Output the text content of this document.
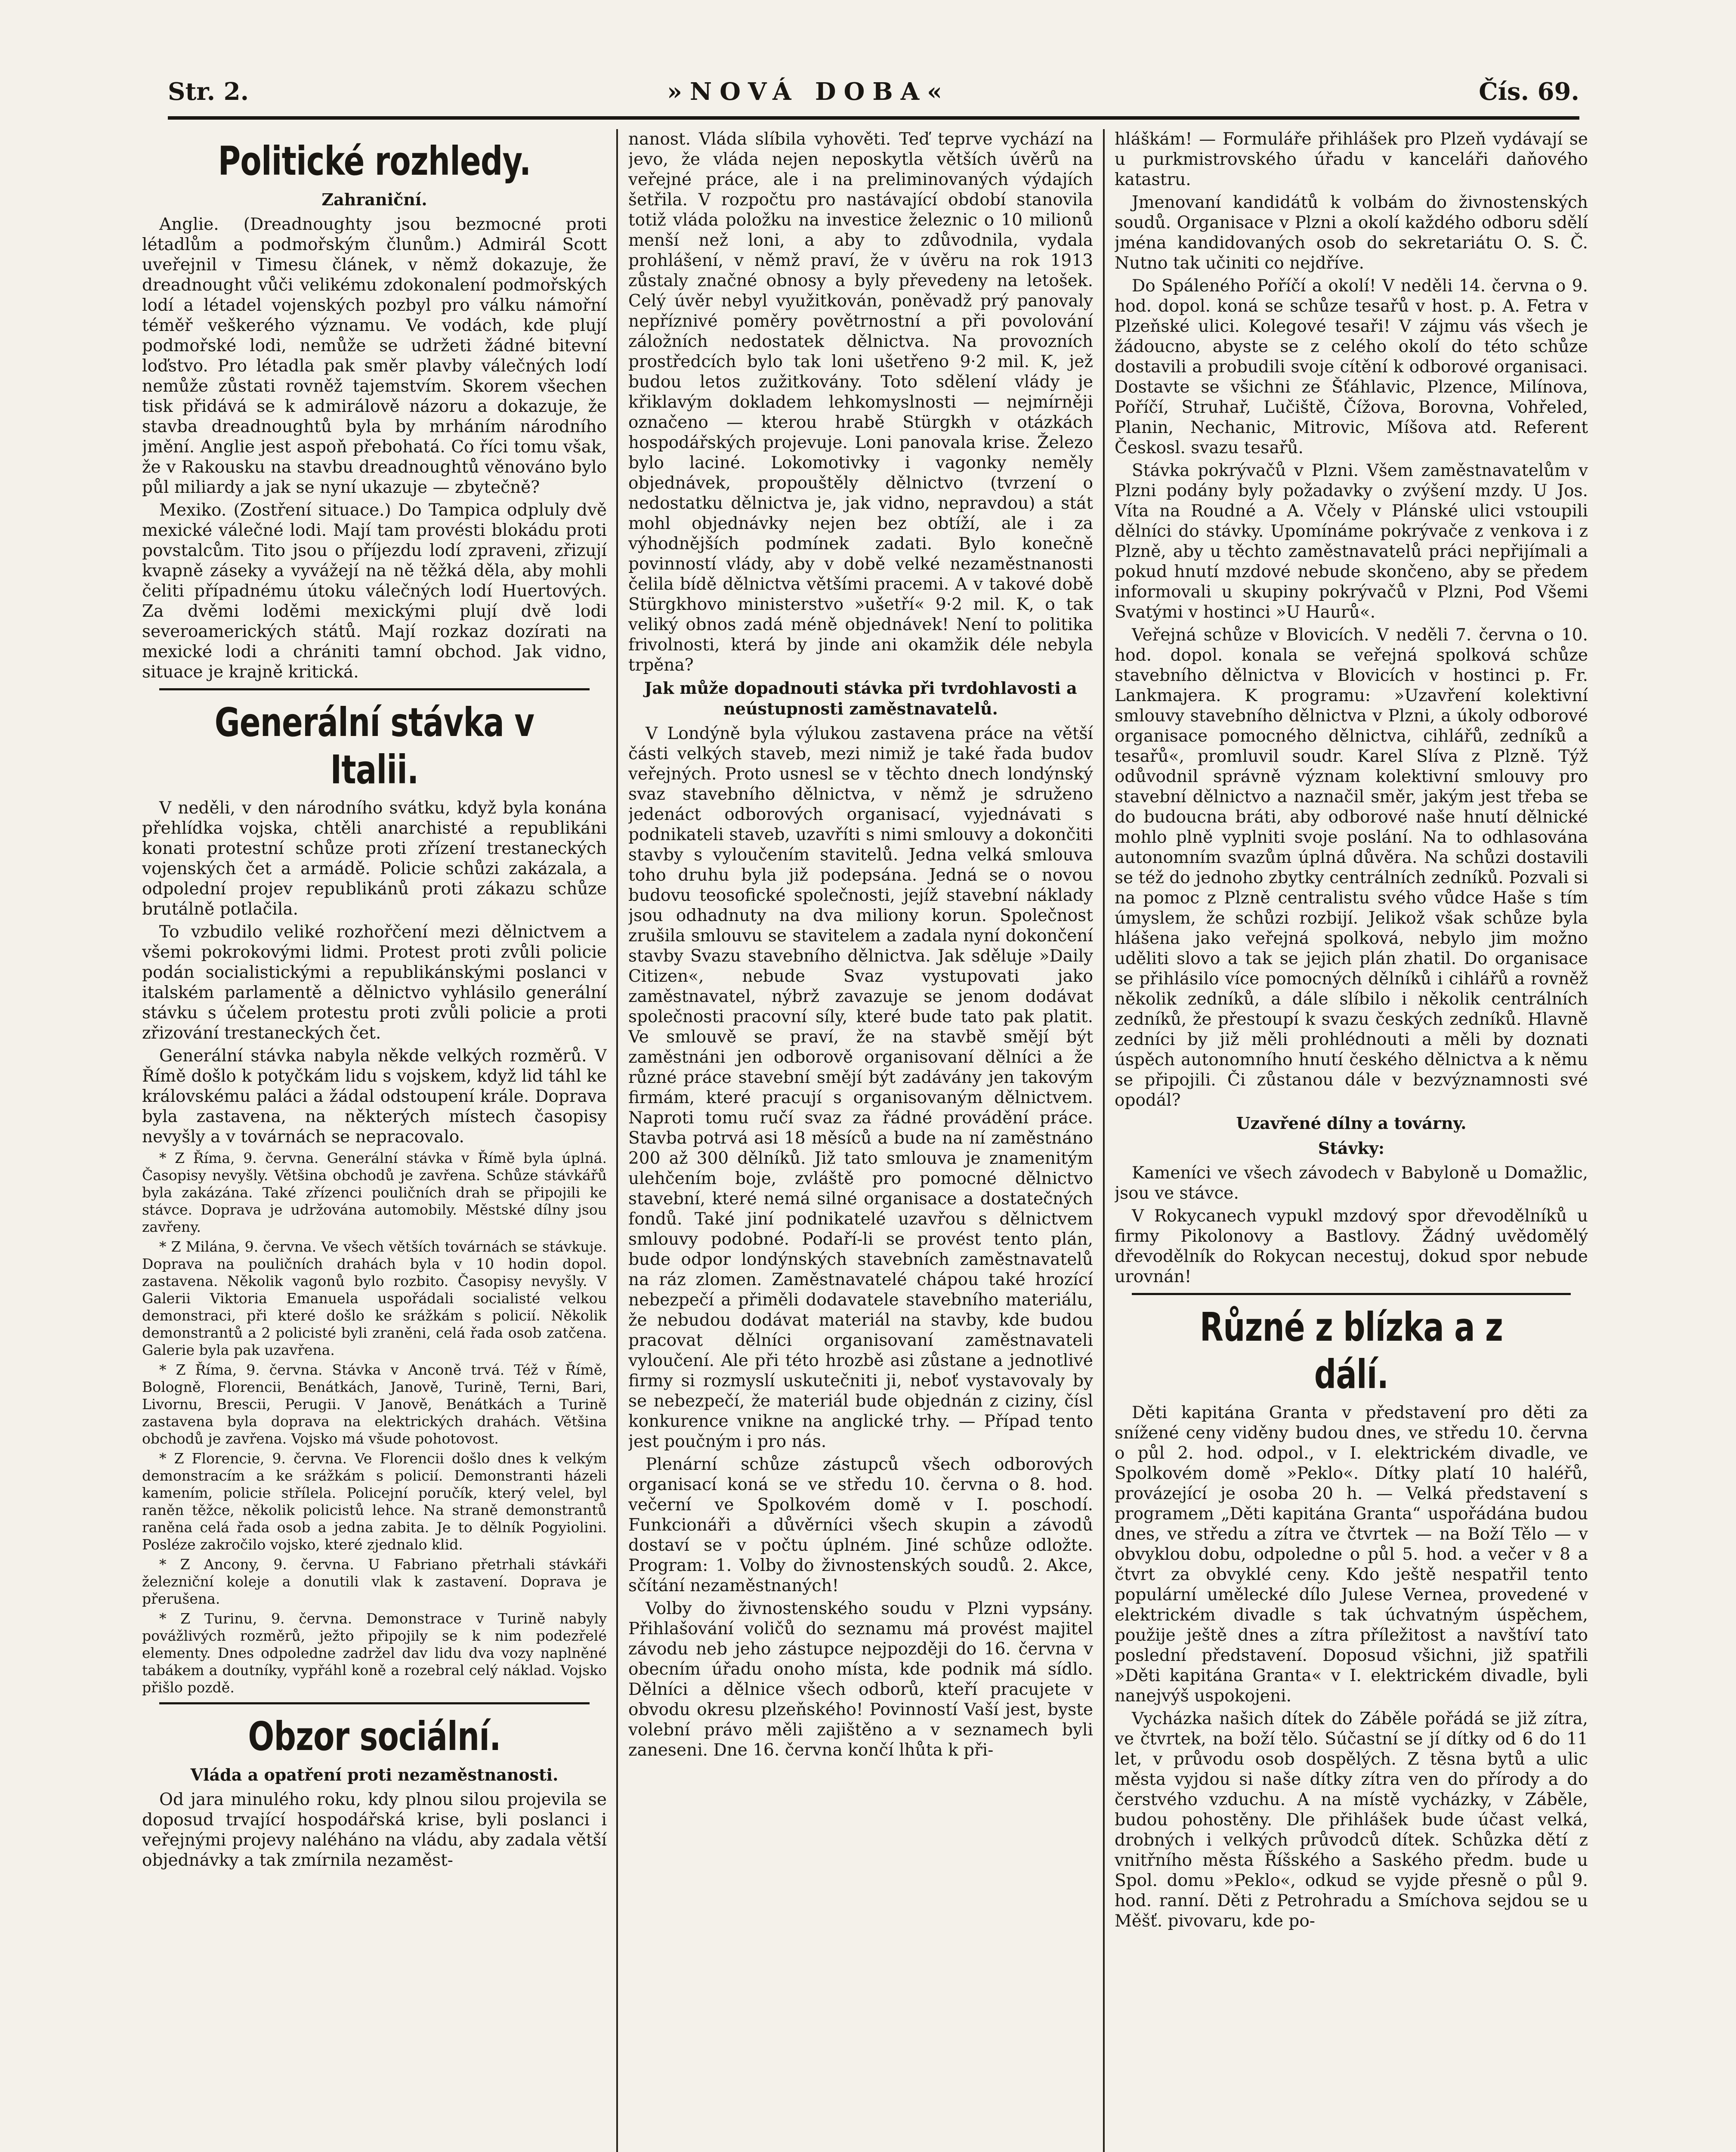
Str. 2.	»NOVÁ DOBA«	Čís. 69.
Politické rozhledy.
Zahraniční.

Anglie. (Dreadnoughty jsou bezmocné proti létadlům a podmořským člunům.) Admirál Scott uveřejnil v Timesu článek, v němž dokazuje, že dreadnought vůči velikému zdokonalení podmořských lodí a létadel vojenských pozbyl pro válku námořní téměř veškerého významu. Ve vodách, kde plují podmořské lodi, nemůže se udržeti žádné bitevní loďstvo. Pro létadla pak směr plavby válečných lodí nemůže zůstati rovněž tajemstvím. Skorem všechen tisk přidává se k admirálově názoru a dokazuje, že stavba dreadnoughtů byla by mrháním národního jmění. Anglie jest aspoň přebohatá. Co říci tomu však, že v Rakousku na stavbu dreadnoughtů věnováno bylo půl miliardy a jak se nyní ukazuje — zbytečně?

Mexiko. (Zostření situace.) Do Tampica odpluly dvě mexické válečné lodi. Mají tam provésti blokádu proti povstalcům. Tito jsou o příjezdu lodí zpraveni, zřizují kvapně záseky a vyvážejí na ně těžká děla, aby mohli čeliti případnému útoku válečných lodí Huertových. Za dvěmi loděmi mexickými plují dvě lodi severoamerických států. Mají rozkaz dozírati na mexické lodi a chrániti tamní obchod. Jak vidno, situace je krajně kritická.

Generální stávka v Italii.

V neděli, v den národního svátku, když byla konána přehlídka vojska, chtěli anarchisté a republikáni konati protestní schůze proti zřízení trestaneckých vojenských čet a armádě. Policie schůzi zakázala, a odpolední projev republikánů proti zákazu schůze brutálně potlačila.

To vzbudilo veliké rozhořčení mezi dělnictvem a všemi pokrokovými lidmi. Protest proti zvůli policie podán socialistickými a republikánskými poslanci v italském parlamentě a dělnictvo vyhlásilo generální stávku s účelem protestu proti zvůli policie a proti zřizování trestaneckých čet.

Generální stávka nabyla někde velkých rozměrů. V Římě došlo k potyčkám lidu s vojskem, když lid táhl ke královskému paláci a žádal odstoupení krále. Doprava byla zastavena, na některých místech časopisy nevyšly a v továrnách se nepracovalo.

* Z Říma, 9. června. Generální stávka v Římě byla úplná. Časopisy nevyšly. Většina obchodů je zavřena. Schůze stávkářů byla zakázána. Také zřízenci pouličních drah se připojili ke stávce. Doprava je udržována automobily. Městské dílny jsou zavřeny.

* Z Milána, 9. června. Ve všech větších továrnách se stávkuje. Doprava na pouličních drahách byla v 10 hodin dopol. zastavena. Několik vagonů bylo rozbito. Časopisy nevyšly. V Galerii Viktoria Emanuela uspořádali socialisté velkou demonstraci, při které došlo ke srážkám s policií. Několik demonstrantů a 2 policisté byli zraněni, celá řada osob zatčena. Galerie byla pak uzavřena.

* Z Říma, 9. června. Stávka v Anconě trvá. Též v Římě, Bologně, Florencii, Benátkách, Janově, Turině, Terni, Bari, Livornu, Brescii, Perugii. V Janově, Benátkách a Turině zastavena byla doprava na elektrických drahách. Většina obchodů je zavřena. Vojsko má všude pohotovost.

* Z Florencie, 9. června. Ve Florencii došlo dnes k velkým demonstracím a ke srážkám s policií. Demonstranti házeli kamením, policie střílela. Policejní poručík, který velel, byl raněn těžce, několik policistů lehce. Na straně demonstrantů raněna celá řada osob a jedna zabita. Je to dělník Pogyiolini. Posléze zakročilo vojsko, které zjednalo klid.

* Z Ancony, 9. června. U Fabriano přetrhali stávkáři železniční koleje a donutili vlak k zastavení. Doprava je přerušena.

* Z Turinu, 9. června. Demonstrace v Turině nabyly povážlivých rozměrů, ježto připojily se k nim podezřelé elementy. Dnes odpoledne zadržel dav lidu dva vozy naplněné tabákem a doutníky, vypřáhl koně a rozebral celý náklad. Vojsko přišlo pozdě.

Obzor sociální.
Vláda a opatření proti nezaměstnanosti.

Od jara minulého roku, kdy plnou silou projevila se doposud trvající hospodářská krise, byli poslanci i veřejnými projevy naléháno na vládu, aby zadala větší objednávky a tak zmírnila nezaměst-

nanost. Vláda slíbila vyhověti. Teď teprve vychází na jevo, že vláda nejen neposkytla větších úvěrů na veřejné práce, ale i na preliminovaných výdajích šetřila. V rozpočtu pro nastávající období stanovila totiž vláda položku na investice železnic o 10 milionů menší než loni, a aby to zdůvodnila, vydala prohlášení, v němž praví, že v úvěru na rok 1913 zůstaly značné obnosy a byly převedeny na letošek. Celý úvěr nebyl využitkován, poněvadž prý panovaly nepříznivé poměry povětrnostní a při povolování záložních nedostatek dělnictva. Na provozních prostředcích bylo tak loni ušetřeno 9·2 mil. K, jež budou letos zužitkovány. Toto sdělení vlády je křiklavým dokladem lehkomyslnosti — nejmírněji označeno — kterou hrabě Stürgkh v otázkách hospodářských projevuje. Loni panovala krise. Železo bylo laciné. Lokomotivky i vagonky neměly objednávek, propouštěly dělnictvo (tvrzení o nedostatku dělnictva je, jak vidno, nepravdou) a stát mohl objednávky nejen bez obtíží, ale i za výhodnějších podmínek zadati. Bylo konečně povinností vlády, aby v době velké nezaměstnanosti čelila bídě dělnictva většími pracemi. A v takové době Stürgkhovo ministerstvo »ušetří« 9·2 mil. K, o tak veliký obnos zadá méně objednávek! Není to politika frivolnosti, která by jinde ani okamžik déle nebyla trpěna?

Jak může dopadnouti stávka při tvrdohlavosti a neústupnosti zaměstnavatelů.

V Londýně byla výlukou zastavena práce na větší části velkých staveb, mezi nimiž je také řada budov veřejných. Proto usnesl se v těchto dnech londýnský svaz stavebního dělnictva, v němž je sdruženo jedenáct odborových organisací, vyjednávati s podnikateli staveb, uzavříti s nimi smlouvy a dokončiti stavby s vyloučením stavitelů. Jedna velká smlouva toho druhu byla již podepsána. Jedná se o novou budovu teosofické společnosti, jejíž stavební náklady jsou odhadnuty na dva miliony korun. Společnost zrušila smlouvu se stavitelem a zadala nyní dokončení stavby Svazu stavebního dělnictva. Jak sděluje »Daily Citizen«, nebude Svaz vystupovati jako zaměstnavatel, nýbrž zavazuje se jenom dodávat společnosti pracovní síly, které bude tato pak platit. Ve smlouvě se praví, že na stavbě smějí být zaměstnáni jen odborově organisovaní dělníci a že různé práce stavební smějí být zadávány jen takovým firmám, které pracují s organisovaným dělnictvem. Naproti tomu ručí svaz za řádné provádění práce. Stavba potrvá asi 18 měsíců a bude na ní zaměstnáno 200 až 300 dělníků. Již tato smlouva je znamenitým ulehčením boje, zvláště pro pomocné dělnictvo stavební, které nemá silné organisace a dostatečných fondů. Také jiní podnikatelé uzavřou s dělnictvem smlouvy podobné. Podaří-li se provést tento plán, bude odpor londýnských stavebních zaměstnavatelů na ráz zlomen. Zaměstnavatelé chápou také hrozící nebezpečí a přiměli dodavatele stavebního materiálu, že nebudou dodávat materiál na stavby, kde budou pracovat dělníci organisovaní zaměstnavateli vyloučení. Ale při této hrozbě asi zůstane a jednotlivé firmy si rozmyslí uskutečniti ji, neboť vystavovaly by se nebezpečí, že materiál bude objednán z ciziny, čísl konkurence vnikne na anglické trhy. — Případ tento jest poučným i pro nás.

Plenární schůze zástupců všech odborových organisací koná se ve středu 10. června o 8. hod. večerní ve Spolkovém domě v I. poschodí. Funkcionáři a důvěrníci všech skupin a závodů dostaví se v počtu úplném. Jiné schůze odložte. Program: 1. Volby do živnostenských soudů. 2. Akce, sčítání nezaměstnaných!

Volby do živnostenského soudu v Plzni vypsány. Přihlašování voličů do seznamu má provést majitel závodu neb jeho zástupce nejpozději do 16. června v obecním úřadu onoho místa, kde podnik má sídlo. Dělníci a dělnice všech odborů, kteří pracujete v obvodu okresu plzeňského! Povinností Vaší jest, byste volební právo měli zajištěno a v seznamech byli zaneseni. Dne 16. června končí lhůta k při-

hláškám! — Formuláře přihlášek pro Plzeň vydávají se u purkmistrovského úřadu v kanceláři daňového katastru.

Jmenovaní kandidátů k volbám do živnostenských soudů. Organisace v Plzni a okolí každého odboru sdělí jména kandidovaných osob do sekretariátu O. S. Č. Nutno tak učiniti co nejdříve.

Do Spáleného Poříčí a okolí! V neděli 14. června o 9. hod. dopol. koná se schůze tesařů v host. p. A. Fetra v Plzeňské ulici. Kolegové tesaři! V zájmu vás všech je žádoucno, abyste se z celého okolí do této schůze dostavili a probudili svoje cítění k odborové organisaci. Dostavte se všichni ze Šťáhlavic, Plzence, Milínova, Poříčí, Struhař, Lučiště, Čížova, Borovna, Vohřeled, Planin, Nechanic, Mitrovic, Míšova atd. Referent Českosl. svazu tesařů.

Stávka pokrývačů v Plzni. Všem zaměstnavatelům v Plzni podány byly požadavky o zvýšení mzdy. U Jos. Víta na Roudné a A. Včely v Plánské ulici vstoupili dělníci do stávky. Upomínáme pokrývače z venkova i z Plzně, aby u těchto zaměstnavatelů práci nepřijímali a pokud hnutí mzdové nebude skončeno, aby se předem informovali u skupiny pokrývačů v Plzni, Pod Všemi Svatými v hostinci »U Haurů«.

Veřejná schůze v Blovicích. V neděli 7. června o 10. hod. dopol. konala se veřejná spolková schůze stavebního dělnictva v Blovicích v hostinci p. Fr. Lankmajera. K programu: »Uzavření kolektivní smlouvy stavebního dělnictva v Plzni, a úkoly odborové organisace pomocného dělnictva, cihlářů, zedníků a tesařů«, promluvil soudr. Karel Slíva z Plzně. Týž odůvodnil správně význam kolektivní smlouvy pro stavební dělnictvo a naznačil směr, jakým jest třeba se do budoucna bráti, aby odborové naše hnutí dělnické mohlo plně vyplniti svoje poslání. Na to odhlasována autonomním svazům úplná důvěra. Na schůzi dostavili se též do jednoho zbytky centrálních zedníků. Pozvali si na pomoc z Plzně centralistu svého vůdce Haše s tím úmyslem, že schůzi rozbijí. Jelikož však schůze byla hlášena jako veřejná spolková, nebylo jim možno uděliti slovo a tak se jejich plán zhatil. Do organisace se přihlásilo více pomocných dělníků i cihlářů a rovněž několik zedníků, a dále slíbilo i několik centrálních zedníků, že přestoupí k svazu českých zedníků. Hlavně zedníci by již měli prohlédnouti a měli by doznati úspěch autonomního hnutí českého dělnictva a k němu se připojili. Či zůstanou dále v bezvýznamnosti své opodál?

Uzavřené dílny a továrny.
Stávky:

Kameníci ve všech závodech v Babyloně u Domažlic, jsou ve stávce.

V Rokycanech vypukl mzdový spor dřevodělníků u firmy Pikolonovy a Bastlovy. Žádný uvědomělý dřevodělník do Rokycan necestuj, dokud spor nebude urovnán!

Různé z blízka a z dálí.

Děti kapitána Granta v představení pro děti za snížené ceny viděny budou dnes, ve středu 10. června o půl 2. hod. odpol., v I. elektrickém divadle, ve Spolkovém domě »Peklo«. Dítky platí 10 haléřů, provázející je osoba 20 h. — Velká představení s programem „Děti kapitána Granta“ uspořádána budou dnes, ve středu a zítra ve čtvrtek — na Boží Tělo — v obvyklou dobu, odpoledne o půl 5. hod. a večer v 8 a čtvrt za obvyklé ceny. Kdo ještě nespatřil tento populární umělecké dílo Julese Vernea, provedené v elektrickém divadle s tak úchvatným úspěchem, použije ještě dnes a zítra příležitost a navštíví tato poslední představení. Doposud všichni, již spatřili »Děti kapitána Granta« v I. elektrickém divadle, byli nanejvýš uspokojeni.

Vycházka našich dítek do Záběle pořádá se již zítra, ve čtvrtek, na boží tělo. Súčastní se jí dítky od 6 do 11 let, v průvodu osob dospělých. Z těsna bytů a ulic města vyjdou si naše dítky zítra ven do přírody a do čerstvého vzduchu. A na místě vycházky, v Záběle, budou pohostěny. Dle přihlášek bude účast velká, drobných i velkých průvodců dítek. Schůzka dětí z vnitřního města Říšského a Saského předm. bude u Spol. domu »Peklo«, odkud se vyjde přesně o půl 9. hod. ranní. Děti z Petrohradu a Smíchova sejdou se u Měšť. pivovaru, kde po-
